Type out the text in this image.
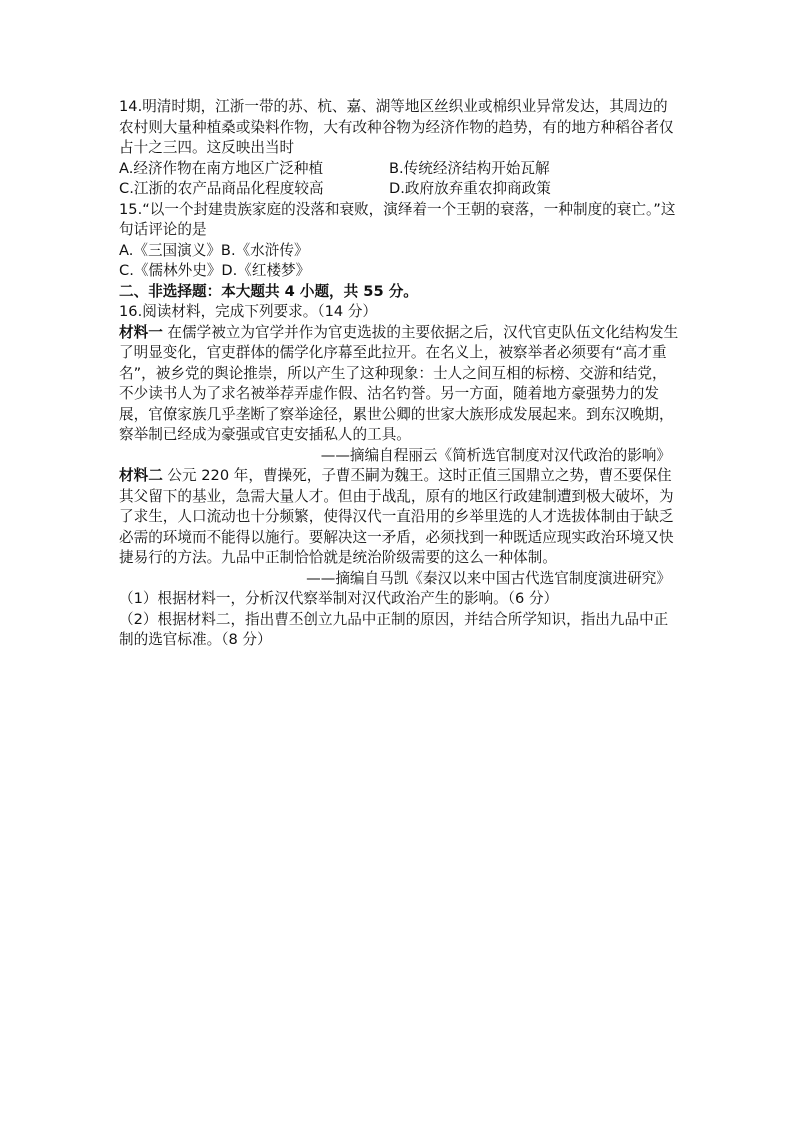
14.明清时期，江浙一带的苏、杭、嘉、湖等地区丝织业或棉织业异常发达，其周边的农村则大量种植桑或染料作物，大有改种谷物为经济作物的趋势，有的地方种稻谷者仅占十之三四。这反映出当时

A.经济作物在南方地区广泛种植	B.传统经济结构开始瓦解
C.江浙的农产品商品化程度较高	D.政府放弃重农抑商政策

15.“以一个封建贵族家庭的没落和衰败，演绎着一个王朝的衰落，一种制度的衰亡。”这句话评论的是

A.《三国演义》B.《水浒传》

C.《儒林外史》D.《红楼梦》

二、非选择题：本大题共 4 小题，共 55 分。

16.阅读材料，完成下列要求。（14 分）

材料一 在儒学被立为官学并作为官吏选拔的主要依据之后，汉代官吏队伍文化结构发生了明显变化，官吏群体的儒学化序幕至此拉开。在名义上，被察举者必须要有“高才重名”，被乡党的舆论推崇，所以产生了这种现象：士人之间互相的标榜、交游和结党，不少读书人为了求名被举荐弄虚作假、沽名钓誉。另一方面，随着地方豪强势力的发展，官僚家族几乎垄断了察举途径，累世公卿的世家大族形成发展起来。到东汉晚期，察举制已经成为豪强或官吏安插私人的工具。

——摘编自程丽云《简析选官制度对汉代政治的影响》

材料二 公元 220 年，曹操死，子曹丕嗣为魏王。这时正值三国鼎立之势，曹丕要保住其父留下的基业，急需大量人才。但由于战乱，原有的地区行政建制遭到极大破坏，为了求生，人口流动也十分频繁，使得汉代一直沿用的乡举里选的人才选拔体制由于缺乏必需的环境而不能得以施行。要解决这一矛盾，必须找到一种既适应现实政治环境又快捷易行的方法。九品中正制恰恰就是统治阶级需要的这么一种体制。

——摘编自马凯《秦汉以来中国古代选官制度演进研究》

（1）根据材料一，分析汉代察举制对汉代政治产生的影响。（6 分）

（2）根据材料二，指出曹丕创立九品中正制的原因，并结合所学知识，指出九品中正制的选官标准。（8 分）
